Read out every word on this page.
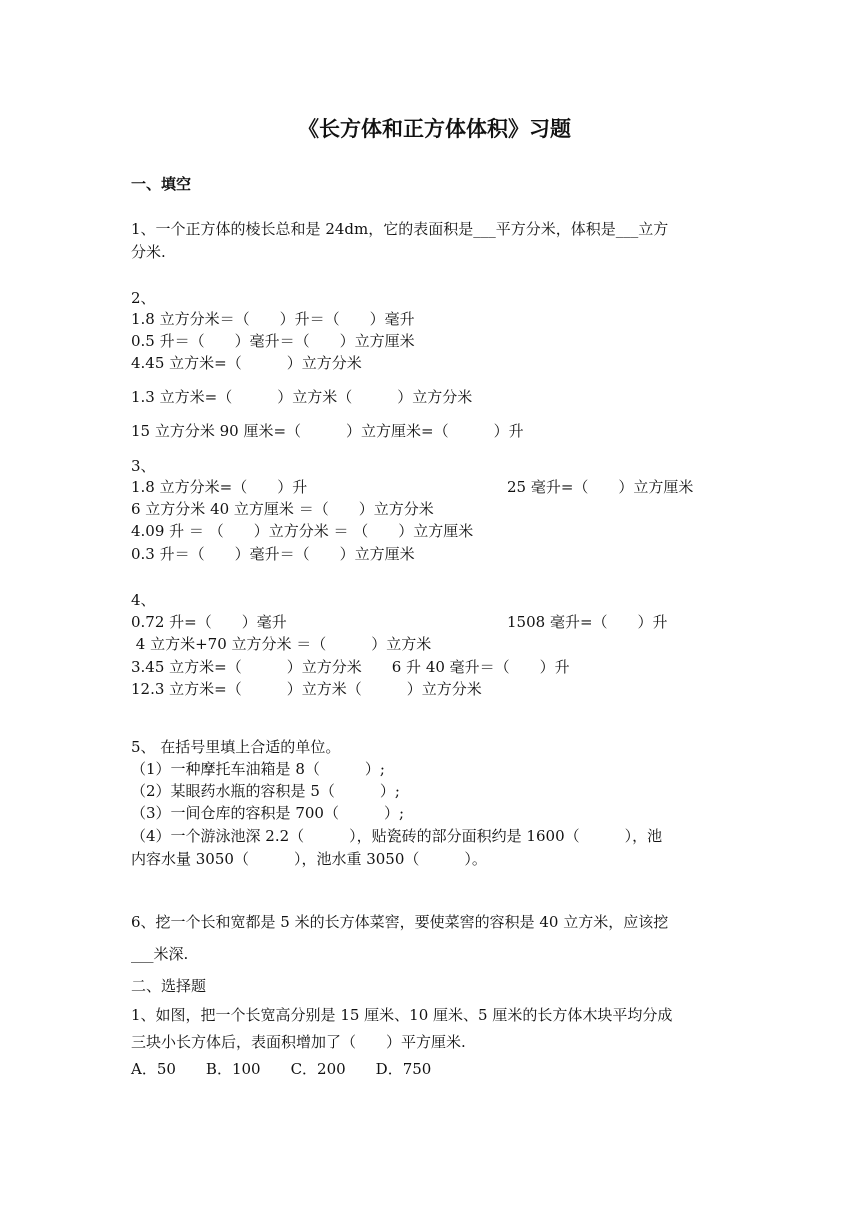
《长方体和正方体体积》习题
一、填空
1、一个正方体的棱长总和是 24dm，它的表面积是___平方分米，体积是___立方
分米.
2、
1.8 立方分米＝（　　）升＝（　　）毫升
0.5 升＝（　　）毫升＝（　　）立方厘米
4.45 立方米=（　　　）立方分米
1.3 立方米=（　　　）立方米（　　　）立方分米
15 立方分米 90 厘米=（　　　）立方厘米=（　　　）升
3、
1.8 立方分米=（　　）升	25 毫升=（　　）立方厘米
6 立方分米 40 立方厘米 ＝（　　）立方分米
4.09 升 ＝ （　　）立方分米 ＝ （　　）立方厘米
0.3 升＝（　　）毫升＝（　　）立方厘米
4、
0.72 升=（　　）毫升	1508 毫升=（　　）升
4 立方米+70 立方分米 ＝（　　　）立方米
3.45 立方米=（　　　）立方分米　　6 升 40 毫升＝（　　）升
12.3 立方米=（　　　）立方米（　　　）立方分米
5、 在括号里填上合适的单位。
（1）一种摩托车油箱是 8（　　　）;
（2）某眼药水瓶的容积是 5（　　　）;
（3）一间仓库的容积是 700（　　　）;
（4）一个游泳池深 2.2（　　　），贴瓷砖的部分面积约是 1600（　　　），池
内容水量 3050（　　　），池水重 3050（　　　）。
6、挖一个长和宽都是 5 米的长方体菜窖，要使菜窖的容积是 40 立方米，应该挖
___米深.
二、选择题
1、如图，把一个长宽高分别是 15 厘米、10 厘米、5 厘米的长方体木块平均分成
三块小长方体后，表面积增加了（　　）平方厘米.
A．50　　B．100　　C．200　　D．750
